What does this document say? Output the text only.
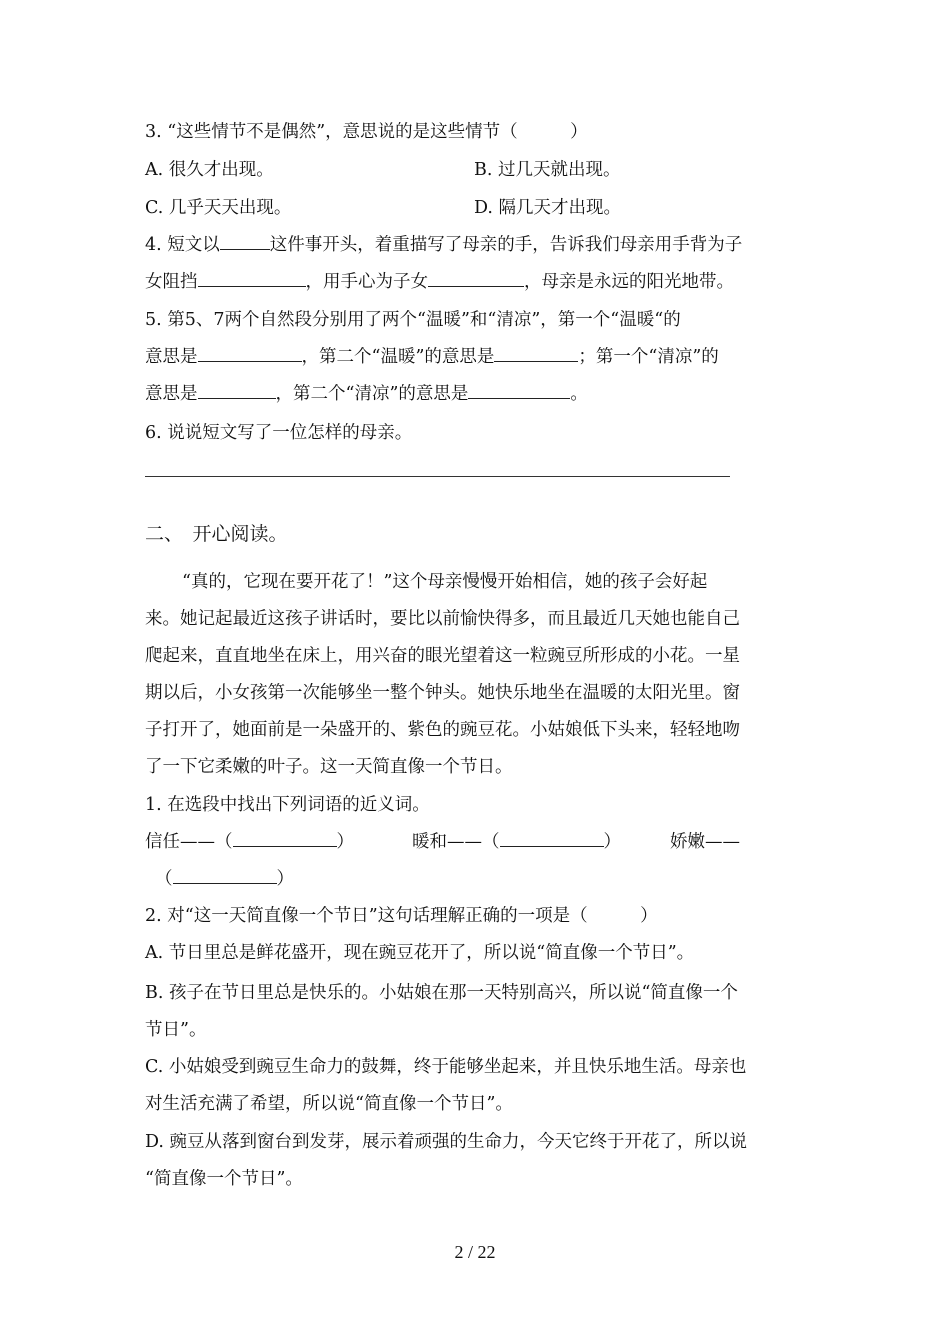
3. “这些情节不是偶然”，意思说的是这些情节（　　　）
A. 很久才出现。	B. 过几天就出现。
C. 几乎天天出现。	D. 隔几天才出现。
4. 短文以	这件事开头，着重描写了母亲的手，告诉我们母亲用手背为子
女阻挡	，用手心为子女	，母亲是永远的阳光地带。
5. 第5、7两个自然段分别用了两个“温暖”和“清凉”，第一个“温暖“的
意思是	，第二个“温暖”的意思是	；第一个“清凉”的
意思是	，第二个“清凉”的意思是	。
6. 说说短文写了一位怎样的母亲。
二、　开心阅读。
“真的，它现在要开花了！”这个母亲慢慢开始相信，她的孩子会好起
来。她记起最近这孩子讲话时，要比以前愉快得多，而且最近几天她也能自己
爬起来，直直地坐在床上，用兴奋的眼光望着这一粒豌豆所形成的小花。一星
期以后，小女孩第一次能够坐一整个钟头。她快乐地坐在温暖的太阳光里。窗
子打开了，她面前是一朵盛开的、紫色的豌豆花。小姑娘低下头来，轻轻地吻
了一下它柔嫩的叶子。这一天简直像一个节日。
1. 在选段中找出下列词语的近义词。
信任——（	）	暖和——（	）	娇嫩——
（	）
2. 对“这一天简直像一个节日”这句话理解正确的一项是（　　　）
A. 节日里总是鲜花盛开，现在豌豆花开了，所以说“简直像一个节日”。
B. 孩子在节日里总是快乐的。小姑娘在那一天特别高兴，所以说“简直像一个
节日”。
C. 小姑娘受到豌豆生命力的鼓舞，终于能够坐起来，并且快乐地生活。母亲也
对生活充满了希望，所以说“简直像一个节日”。
D. 豌豆从落到窗台到发芽，展示着顽强的生命力，今天它终于开花了，所以说
“简直像一个节日”。
2 / 22
